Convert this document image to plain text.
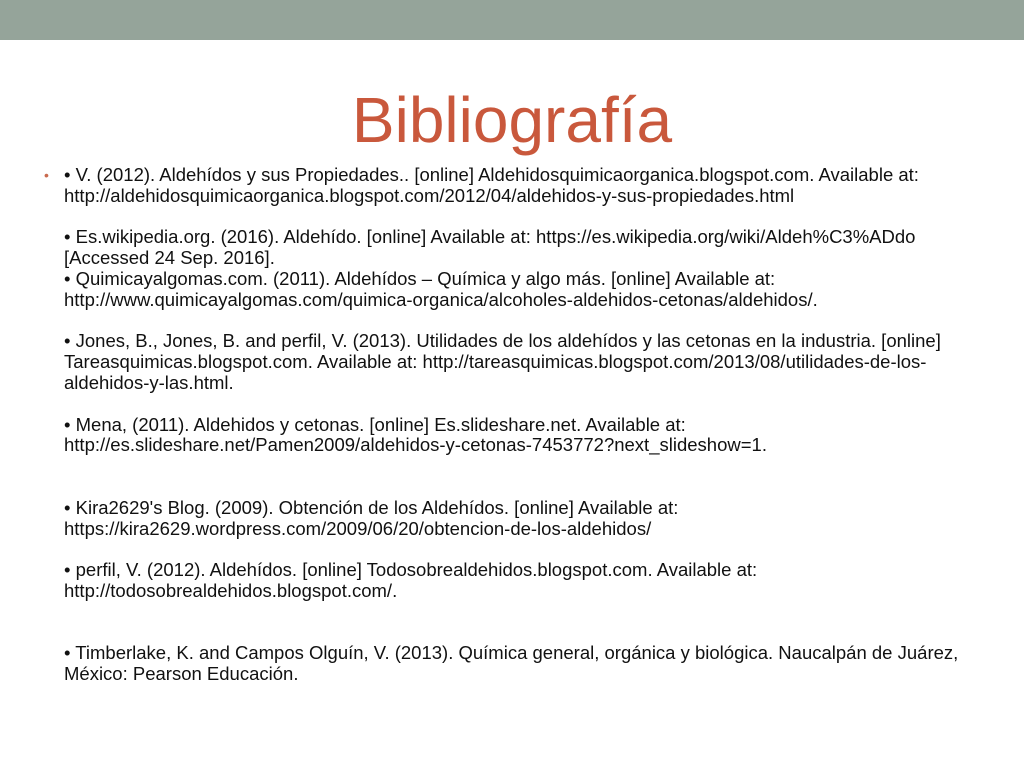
Bibliografía
• • V. (2012). Aldehídos y sus Propiedades.. [online] Aldehidosquimicaorganica.blogspot.com. Available at: http://aldehidosquimicaorganica.blogspot.com/2012/04/aldehidos-y-sus-propiedades.html

• Es.wikipedia.org. (2016). Aldehído. [online] Available at: https://es.wikipedia.org/wiki/Aldeh%C3%ADdo [Accessed 24 Sep. 2016].

• Quimicayalgomas.com. (2011). Aldehídos – Química y algo más. [online] Available at: http://www.quimicayalgomas.com/quimica-organica/alcoholes-aldehidos-cetonas/aldehidos/.

• Jones, B., Jones, B. and perfil, V. (2013). Utilidades de los aldehídos y las cetonas en la industria. [online] Tareasquimicas.blogspot.com. Available at: http://tareasquimicas.blogspot.com/2013/08/utilidades-de-los-aldehidos-y-las.html.

• Mena, (2011). Aldehidos y cetonas. [online] Es.slideshare.net. Available at: http://es.slideshare.net/Pamen2009/aldehidos-y-cetonas-7453772?next_slideshow=1.

• Kira2629's Blog. (2009). Obtención de los Aldehídos. [online] Available at: https://kira2629.wordpress.com/2009/06/20/obtencion-de-los-aldehidos/

• perfil, V. (2012). Aldehídos. [online] Todosobrealdehidos.blogspot.com. Available at: http://todosobrealdehidos.blogspot.com/.

• Timberlake, K. and Campos Olguín, V. (2013). Química general, orgánica y biológica. Naucalpán de Juárez, México: Pearson Educación.
